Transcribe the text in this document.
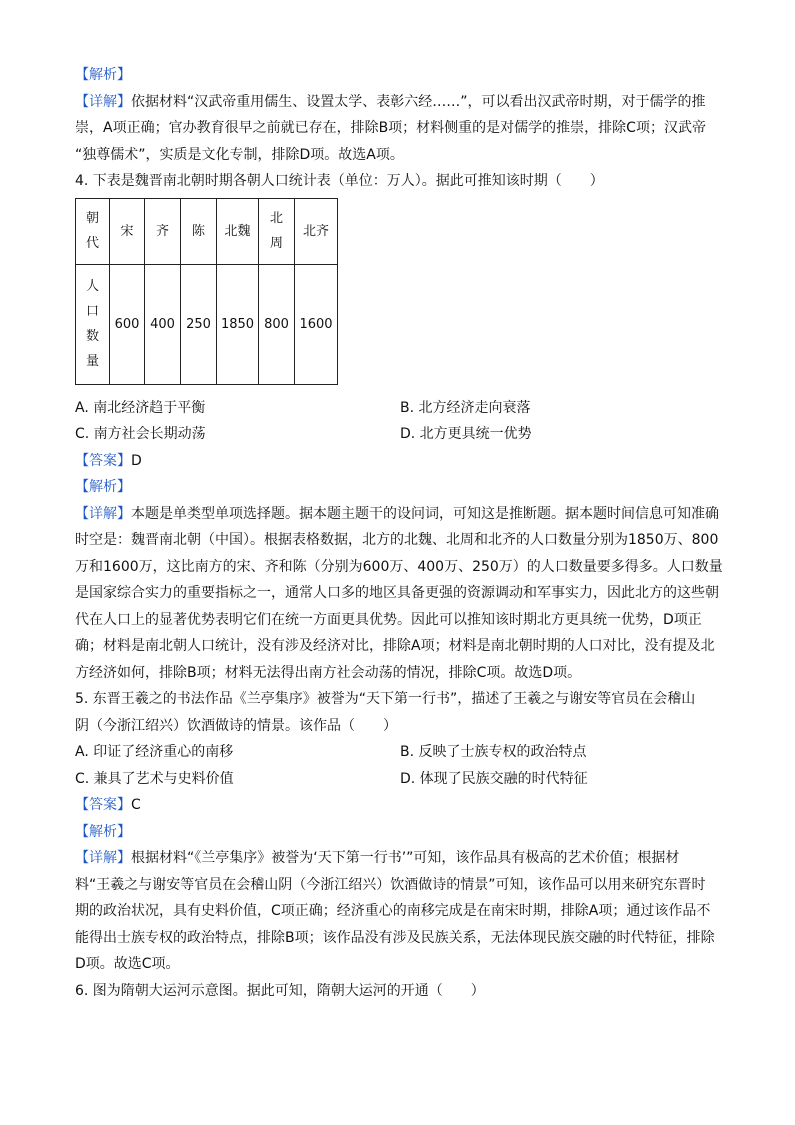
【解析】
【详解】依据材料“汉武帝重用儒生、设置太学、表彰六经……”，可以看出汉武帝时期，对于儒学的推
崇，A项正确；官办教育很早之前就已存在，排除B项；材料侧重的是对儒学的推崇，排除C项；汉武帝
“独尊儒术”，实质是文化专制，排除D项。故选A项。
4. 下表是魏晋南北朝时期各朝人口统计表（单位：万人）。据此可推知该时期（　　）
朝
代	宋	齐	陈	北魏	北
周	北齐

人
口
数
量	600	400	250	1850	800	1600
A. 南北经济趋于平衡	B. 北方经济走向衰落
C. 南方社会长期动荡	D. 北方更具统一优势
【答案】D
【解析】
【详解】本题是单类型单项选择题。据本题主题干的设问词，可知这是推断题。据本题时间信息可知准确
时空是：魏晋南北朝（中国）。根据表格数据，北方的北魏、北周和北齐的人口数量分别为1850万、800
万和1600万，这比南方的宋、齐和陈（分别为600万、400万、250万）的人口数量要多得多。人口数量
是国家综合实力的重要指标之一，通常人口多的地区具备更强的资源调动和军事实力，因此北方的这些朝
代在人口上的显著优势表明它们在统一方面更具优势。因此可以推知该时期北方更具统一优势，D项正
确；材料是南北朝人口统计，没有涉及经济对比，排除A项；材料是南北朝时期的人口对比，没有提及北
方经济如何，排除B项；材料无法得出南方社会动荡的情况，排除C项。故选D项。
5. 东晋王羲之的书法作品《兰亭集序》被誉为“天下第一行书”，描述了王羲之与谢安等官员在会稽山
阴（今浙江绍兴）饮酒做诗的情景。该作品（　　）
A. 印证了经济重心的南移	B. 反映了士族专权的政治特点
C. 兼具了艺术与史料价值	D. 体现了民族交融的时代特征
【答案】C
【解析】
【详解】根据材料“《兰亭集序》被誉为‘天下第一行书’”可知，该作品具有极高的艺术价值；根据材
料“王羲之与谢安等官员在会稽山阴（今浙江绍兴）饮酒做诗的情景”可知，该作品可以用来研究东晋时
期的政治状况，具有史料价值，C项正确；经济重心的南移完成是在南宋时期，排除A项；通过该作品不
能得出士族专权的政治特点，排除B项；该作品没有涉及民族关系，无法体现民族交融的时代特征，排除
D项。故选C项。
6. 图为隋朝大运河示意图。据此可知，隋朝大运河的开通（　　）
